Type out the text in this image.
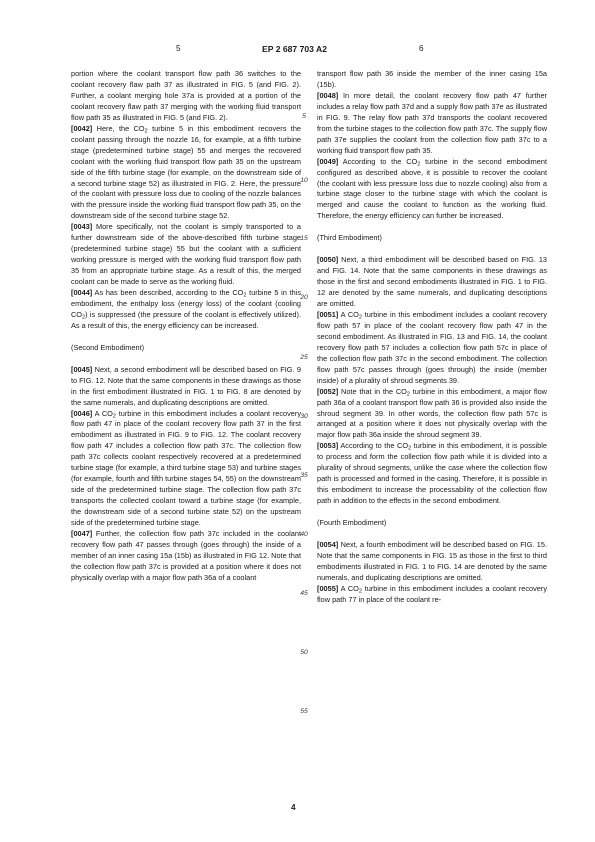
5	EP 2 687 703 A2	6

portion where the coolant transport flow path 36 switches to the coolant recovery flaw path 37 as illustrated in FIG. 5 (and FIG. 2). Further, a coolant merging hole 37a is provided at a portion of the coolant recovery flaw path 37 merging with the working fluid transport flow path 35 as illustrated in FIG. 5 (and FIG. 2).

[0042] Here, the $CO_2$ turbine 5 in this embodiment recovers the coolant passing through the nozzle 16, for example, at a fifth turbine stage (predetermined turbine stage) 55 and merges the recovered coolant with the working fluid transport flow path 35 on the upstream side of the fifth turbine stage (for example, on the downstream side of a second turbine stage 52) as illustrated in FIG. 2. Here, the pressure of the coolant with pressure loss due to cooling of the nozzle balances with the pressure inside the working fluid transport flow path 35, on the downstream side of the second turbine stage 52.

[0043] More specifically, not the coolant is simply transported to a further downstream side of the above-described fifth turbine stage (predetermined turbine stage) 55 but the coolant with a sufficient working pressure is merged with the working fluid transport flow path 35 from an appropriate turbine stage. As a result of this, the merged coolant can be made to serve as the working fluid.

[0044] As has been described, according to the $CO_2$ turbine 5 in this embodiment, the enthalpy loss (energy loss) of the coolant (cooling $CO_2$) is suppressed (the pressure of the coolant is effectively utilized). As a result of this, the energy efficiency can be increased.

(Second Embodiment)

[0045] Next, a second embodiment will be described based on FIG. 9 to FIG. 12. Note that the same components in these drawings as those in the first embodiment illustrated in FIG. 1 to FIG. 8 are denoted by the same numerals, and duplicating descriptions are omitted.

[0046] A $CO_2$ turbine in this embodiment includes a coolant recovery flow path 47 in place of the coolant recovery flow path 37 in the first embodiment as illustrated in FIG. 9 to FIG. 12. The coolant recovery flow path 47 includes a collection flow path 37c. The collection flow path 37c collects coolant respectively recovered at a predetermined turbine stage (for example, a third turbine stage 53) and turbine stages (for example, fourth and fifth turbine stages 54, 55) on the downstream side of the predetermined turbine stage. The collection flow path 37c transports the collected coolant toward a turbine stage (for example, the downstream side of a second turbine state 52) on the upstream side of the predetermined turbine stage.

[0047] Further, the collection flow path 37c included in the coolant recovery flow path 47 passes through (goes through) the inside of a member of an inner casing 15a (15b) as illustrated in FIG 12. Note that the collection flow path 37c is provided at a position where it does not physically overlap with a major flow path 36a of a coolant

5
10
15
20
25
30
35
40
45
50
55

transport flow path 36 inside the member of the inner casing 15a (15b).

[0048] In more detail, the coolant recovery flow path 47 further includes a relay flow path 37d and a supply flow path 37e as illustrated in FIG. 9. The relay flow path 37d transports the coolant recovered from the turbine stages to the collection flow path 37c. The supply flow path 37e supplies the coolant from the collection flow path 37c to a working fluid transport flow path 35.

[0049] According to the $CO_2$ turbine in the second embodiment configured as described above, it is possible to recover the coolant (the coolant with less pressure loss due to nozzle cooling) also from a turbine stage closer to the turbine stage with which the coolant is merged and cause the coolant to function as the working fluid. Therefore, the energy efficiency can further be increased.

(Third Embodiment)

[0050] Next, a third embodiment will be described based on FIG. 13 and FIG. 14. Note that the same components in these drawings as those in the first and second embodiments illustrated in FIG. 1 to FIG. 12 are denoted by the same numerals, and duplicating descriptions are omitted.

[0051] A $CO_2$ turbine in this embodiment includes a coolant recovery flow path 57 in place of the coolant recovery flow path 47 in the second embodiment. As illustrated in FIG. 13 and FIG. 14, the coolant recovery flow path 57 includes a collection flow path 57c in place of the collection flow path 37c in the second embodiment. The collection flow path 57c passes through (goes through) the inside (member inside) of a plurality of shroud segments 39.

[0052] Note that in the $CO_2$ turbine in this embodiment, a major flow path 36a of a coolant transport flow path 36 is provided also inside the shroud segment 39. In other words, the collection flow path 57c is arranged at a position where it does not physically overlap with the major flow path 36a inside the shroud segment 39.

[0053] According to the $CO_2$ turbine in this embodiment, it is possible to process and form the collection flow path while it is divided into a plurality of shroud segments, unlike the case where the collection flow path is processed and formed in the casing. Therefore, it is possible in this embodiment to increase the processability of the collection flow path in addition to the effects in the second embodiment.

(Fourth Embodiment)

[0054] Next, a fourth embodiment will be described based on FIG. 15. Note that the same components in FIG. 15 as those in the first to third embodiments illustrated in FIG. 1 to FIG. 14 are denoted by the same numerals, and duplicating descriptions are omitted.

[0055] A $CO_2$ turbine in this embodiment includes a coolant recovery flow path 77 in place of the coolant re-

4
